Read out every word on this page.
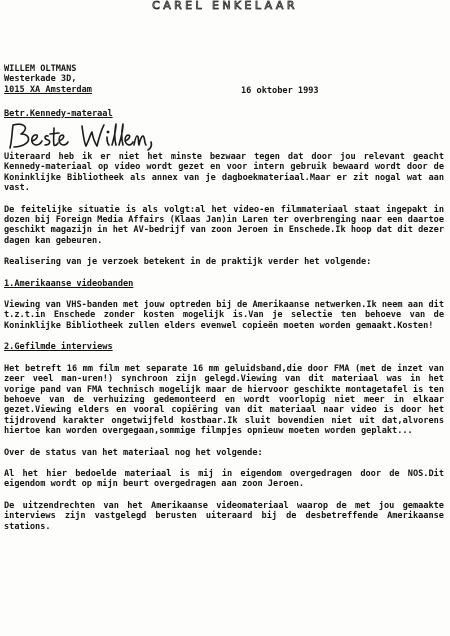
CAREL ENKELAAR
WILLEM OLTMANS
Westerkade 3D,
1015 XA Amsterdam	16 oktober 1993
Betr.Kennedy-materaal

Uiteraard heb ik er niet het minste bezwaar tegen dat door jou relevant geacht Kennedy-materiaal op video wordt gezet en voor intern gebruik bewaard wordt door de Koninklijke Bibliotheek als annex van je dagboekmateriaal.Maar er zit nogal wat aan vast.

De feitelijke situatie is als volgt:al het video-en filmmateriaal staat ingepakt in dozen bij Foreign Media Affairs (Klaas Jan)in Laren ter overbrenging naar een daartoe geschikt magazijn in het AV-bedrijf van zoon Jeroen in Enschede.Ik hoop dat dit dezer dagen kan gebeuren.

Realisering van je verzoek betekent in de praktijk verder het volgende:

1.Amerikaanse videobanden

Viewing van VHS-banden met jouw optreden bij de Amerikaanse netwerken.Ik neem aan dit t.z.t.in Enschede zonder kosten mogelijk is.Van je selectie ten behoeve van de Koninklijke Bibliotheek zullen elders evenwel copieën moeten worden gemaakt.Kosten!

2.Gefilmde interviews

Het betreft 16 mm film met separate 16 mm geluidsband,die door FMA (met de inzet van zeer veel man-uren!) synchroon zijn gelegd.Viewing van dit materiaal was in het vorige pand van FMA technisch mogelijk maar de hiervoor geschikte montagetafel is ten behoeve van de verhuizing gedemonteerd en wordt voorlopig niet meer in elkaar gezet.Viewing elders en vooral copiëring van dit materiaal naar video is door het tijdrovend karakter ongetwijfeld kostbaar.Ik sluit bovendien niet uit dat,alvorens hiertoe kan worden overgegaan,sommige filmpjes opnieuw moeten worden geplakt...

Over de status van het materiaal nog het volgende:

Al het hier bedoelde materiaal is mij in eigendom overgedragen door de NOS.Dit eigendom wordt op mijn beurt overgedragen aan zoon Jeroen.

De uitzendrechten van het Amerikaanse videomateriaal waarop de met jou gemaakte interviews zijn vastgelegd berusten uiteraard bij de desbetreffende Amerikaanse stations.
